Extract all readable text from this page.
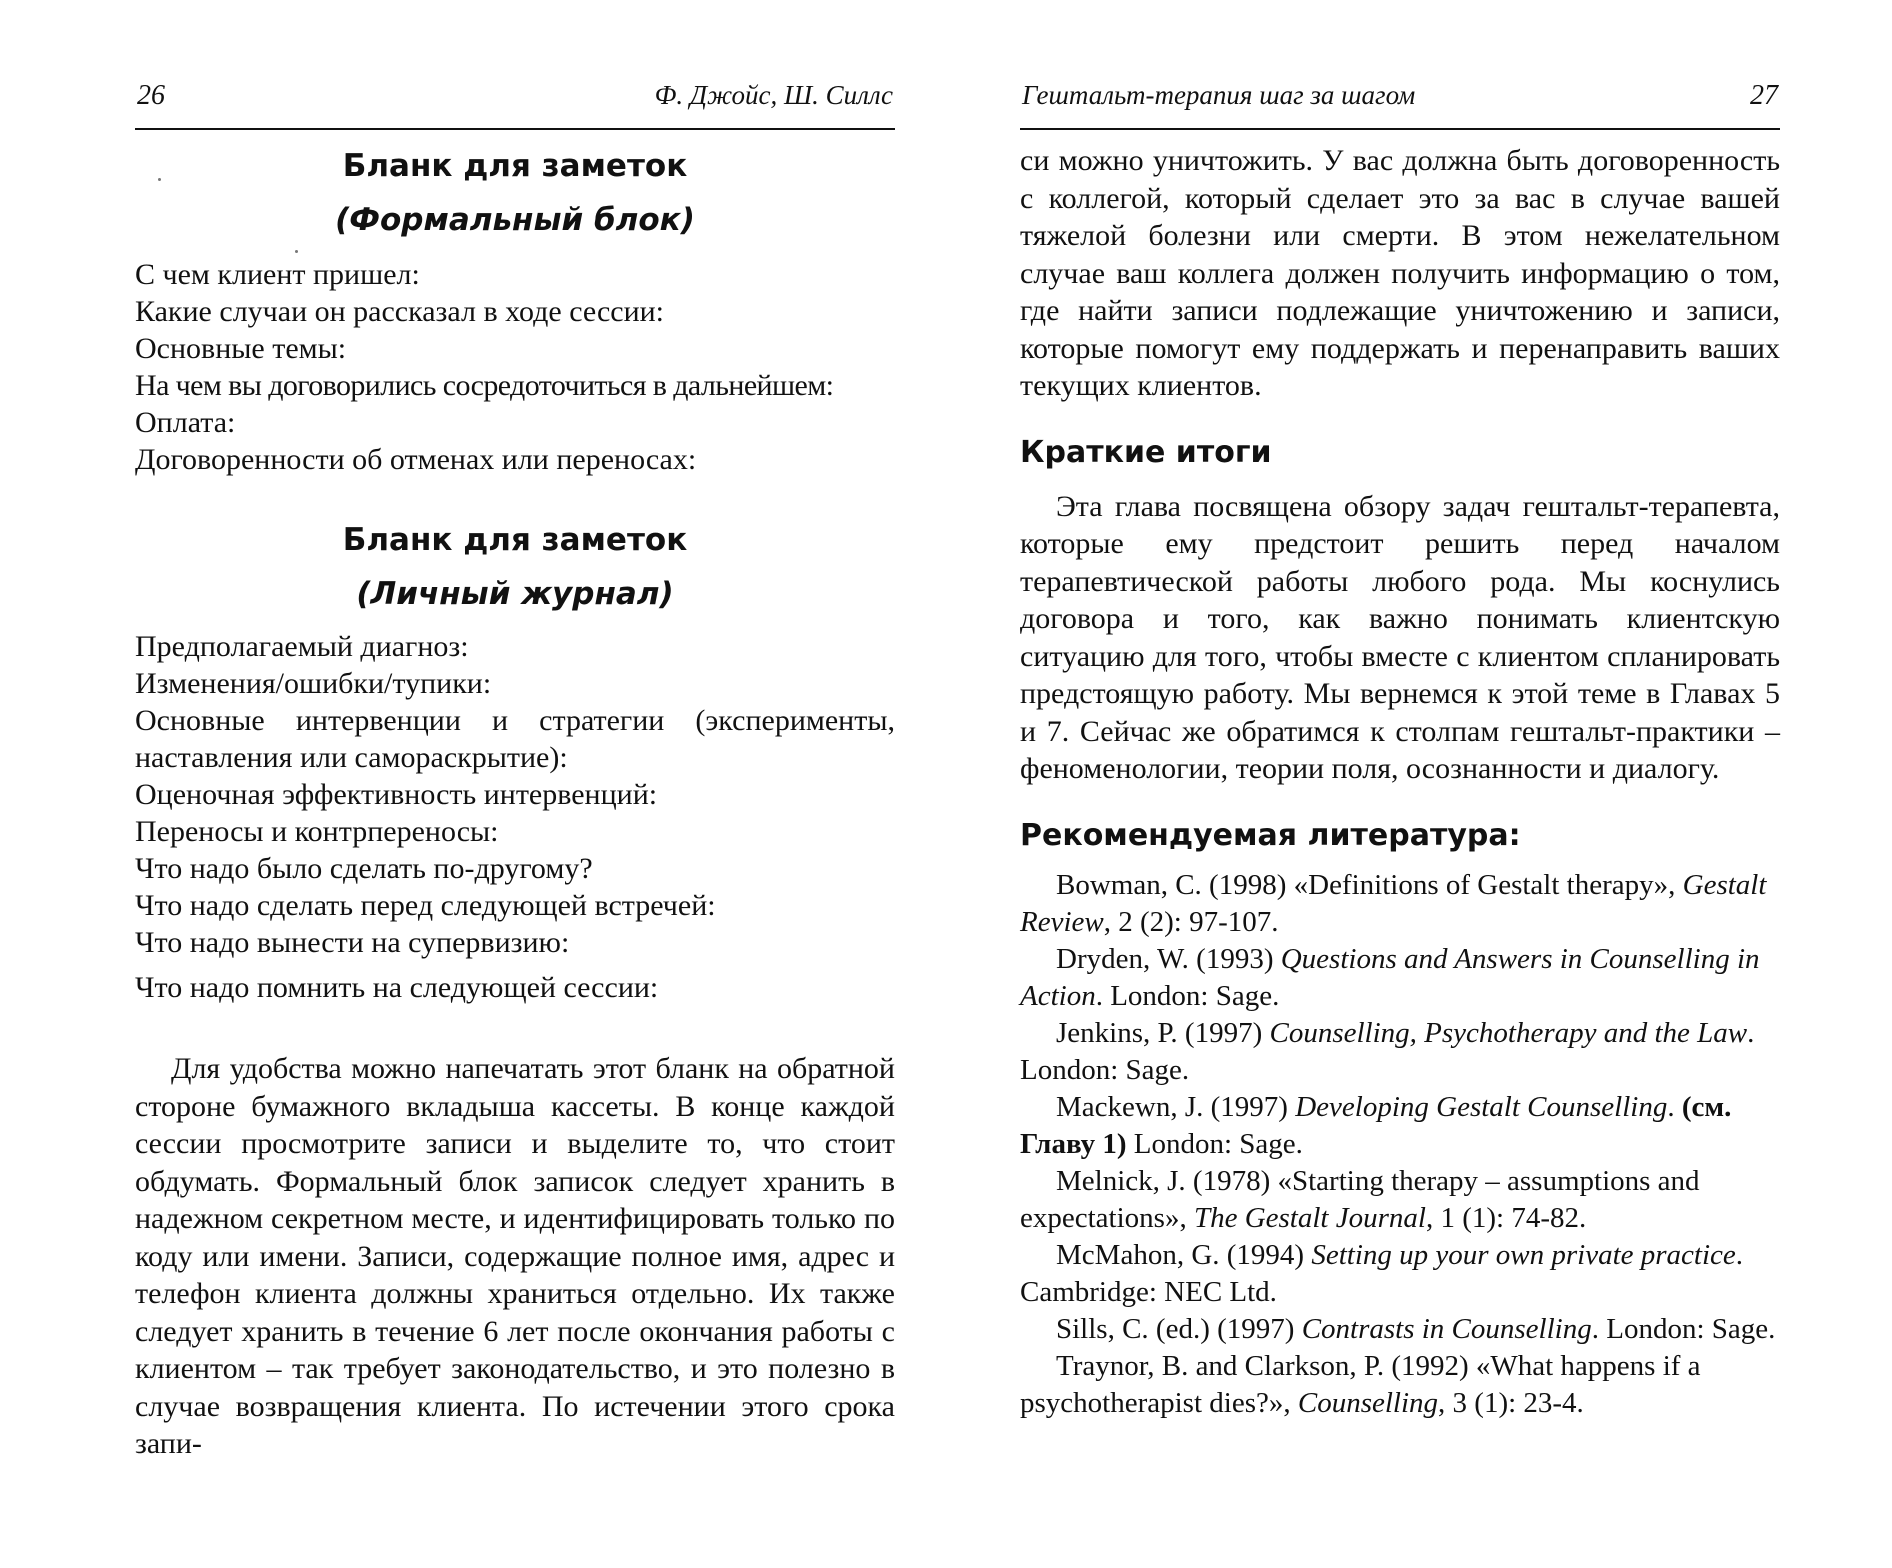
26	Ф. Джойс, Ш. Силлс
Бланк для заметок
(Формальный блок)
С чем клиент пришел:
Какие случаи он рассказал в ходе сессии:
Основные темы:
На чем вы договорились сосредоточиться в дальнейшем:
Оплата:
Договоренности об отменах или переносах:
Бланк для заметок
(Личный журнал)
Предполагаемый диагноз:
Изменения/ошибки/тупики:
Основные интервенции и стратегии (эксперименты, наставления или самораскрытие):
Оценочная эффективность интервенций:
Переносы и контрпереносы:
Что надо было сделать по-другому?
Что надо сделать перед следующей встречей:
Что надо вынести на супервизию:

Что надо помнить на следующей сессии:

Для удобства можно напечатать этот бланк на обратной стороне бумажного вкладыша кассеты. В конце каждой сессии просмотрите записи и выделите то, что стоит обдумать. Формальный блок записок следует хранить в надежном секретном месте, и идентифицировать только по коду или имени. Записи, содержащие полное имя, адрес и телефон клиента должны храниться отдельно. Их также следует хранить в течение 6 лет после окончания работы с клиентом – так требует законодательство, и это полезно в случае возвращения клиента. По истечении этого срока запи-

Гештальт-терапия шаг за шагом	27

си можно уничтожить. У вас должна быть договоренность с коллегой, который сделает это за вас в случае вашей тяжелой болезни или смерти. В этом нежелательном случае ваш коллега должен получить информацию о том, где найти записи подлежащие уничтожению и записи, которые помогут ему поддержать и перенаправить ваших текущих клиентов.

Краткие итоги

Эта глава посвящена обзору задач гештальт-терапевта, которые ему предстоит решить перед началом терапевтической работы любого рода. Мы коснулись договора и того, как важно понимать клиентскую ситуацию для того, чтобы вместе с клиентом спланировать предстоящую работу. Мы вернемся к этой теме в Главах 5 и 7. Сейчас же обратимся к столпам гештальт-практики – феноменологии, теории поля, осознанности и диалогу.

Рекомендуемая литература:
Bowman, C. (1998) «Definitions of Gestalt therapy», Gestalt Review, 2 (2): 97-107.
Dryden, W. (1993) Questions and Answers in Counselling in Action. London: Sage.
Jenkins, P. (1997) Counselling, Psychotherapy and the Law. London: Sage.
Mackewn, J. (1997) Developing Gestalt Counselling. (см. Главу 1) London: Sage.
Melnick, J. (1978) «Starting therapy – assumptions and expectations», The Gestalt Journal, 1 (1): 74-82.
McMahon, G. (1994) Setting up your own private practice. Cambridge: NEC Ltd.
Sills, C. (ed.) (1997) Contrasts in Counselling. London: Sage.
Traynor, B. and Clarkson, P. (1992) «What happens if a psychotherapist dies?», Counselling, 3 (1): 23-4.
